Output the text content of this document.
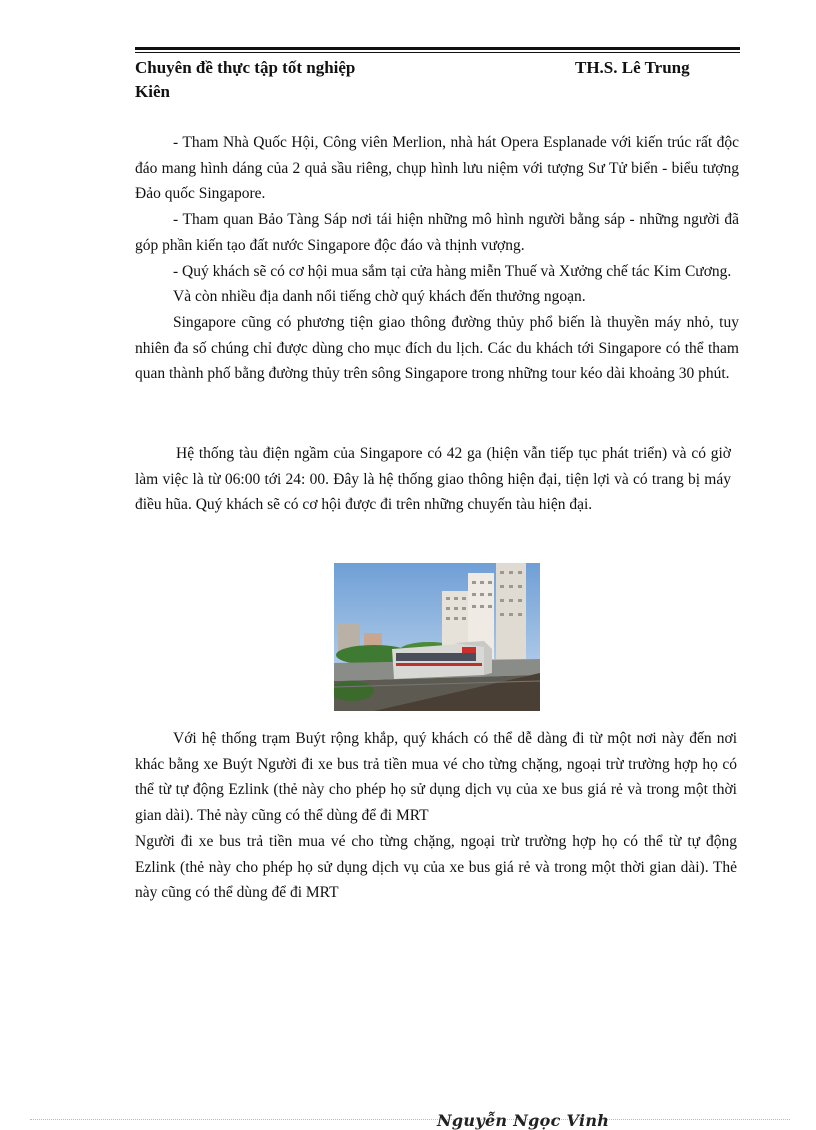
Chuyên đề thực tập tốt nghiệp	TH.S. Lê Trung
Kiên

- Tham Nhà Quốc Hội, Công viên Merlion, nhà hát Opera Esplanade với kiến trúc rất độc đáo mang hình dáng của 2 quả sầu riêng, chụp hình lưu niệm với tượng Sư Tử biển - biểu tượng Đảo quốc Singapore.

- Tham quan Bảo Tàng Sáp nơi tái hiện những mô hình người bằng sáp - những người đã góp phần kiến tạo đất nước Singapore độc đáo và thịnh vượng.

- Quý khách sẽ có cơ hội mua sắm tại cửa hàng miễn Thuế và Xưởng chế tác Kim Cương.

Và còn nhiều địa danh nổi tiếng chờ quý khách đến thưởng ngoạn.

Singapore cũng có phương tiện giao thông đường thủy phổ biến là thuyền máy nhỏ, tuy nhiên đa số chúng chỉ được dùng cho mục đích du lịch. Các du khách tới Singapore có thể tham quan thành phố bằng đường thủy trên sông Singapore trong những tour kéo dài khoảng 30 phút.

Hệ thống tàu điện ngầm của Singapore có 42 ga (hiện vẫn tiếp tục phát triển) và có giờ làm việc là từ 06:00 tới 24: 00. Đây là hệ thống giao thông hiện đại, tiện lợi và có trang bị máy điều hũa. Quý khách sẽ có cơ hội được đi trên những chuyến tàu hiện đại.

Với hệ thống trạm Buýt rộng khắp, quý khách có thể dễ dàng đi từ một nơi này đến nơi khác bằng xe Buýt Người đi xe bus trả tiền mua vé cho từng chặng, ngoại trừ trường hợp họ có thể từ tự động Ezlink (thẻ này cho phép họ sử dụng dịch vụ của xe bus giá rẻ và trong một thời gian dài). Thẻ này cũng có thể dùng để đi MRT

Người đi xe bus trả tiền mua vé cho từng chặng, ngoại trừ trường hợp họ có thể từ tự động Ezlink (thẻ này cho phép họ sử dụng dịch vụ của xe bus giá rẻ và trong một thời gian dài). Thẻ này cũng có thể dùng để đi MRT

Nguyễn Ngọc Vinh
